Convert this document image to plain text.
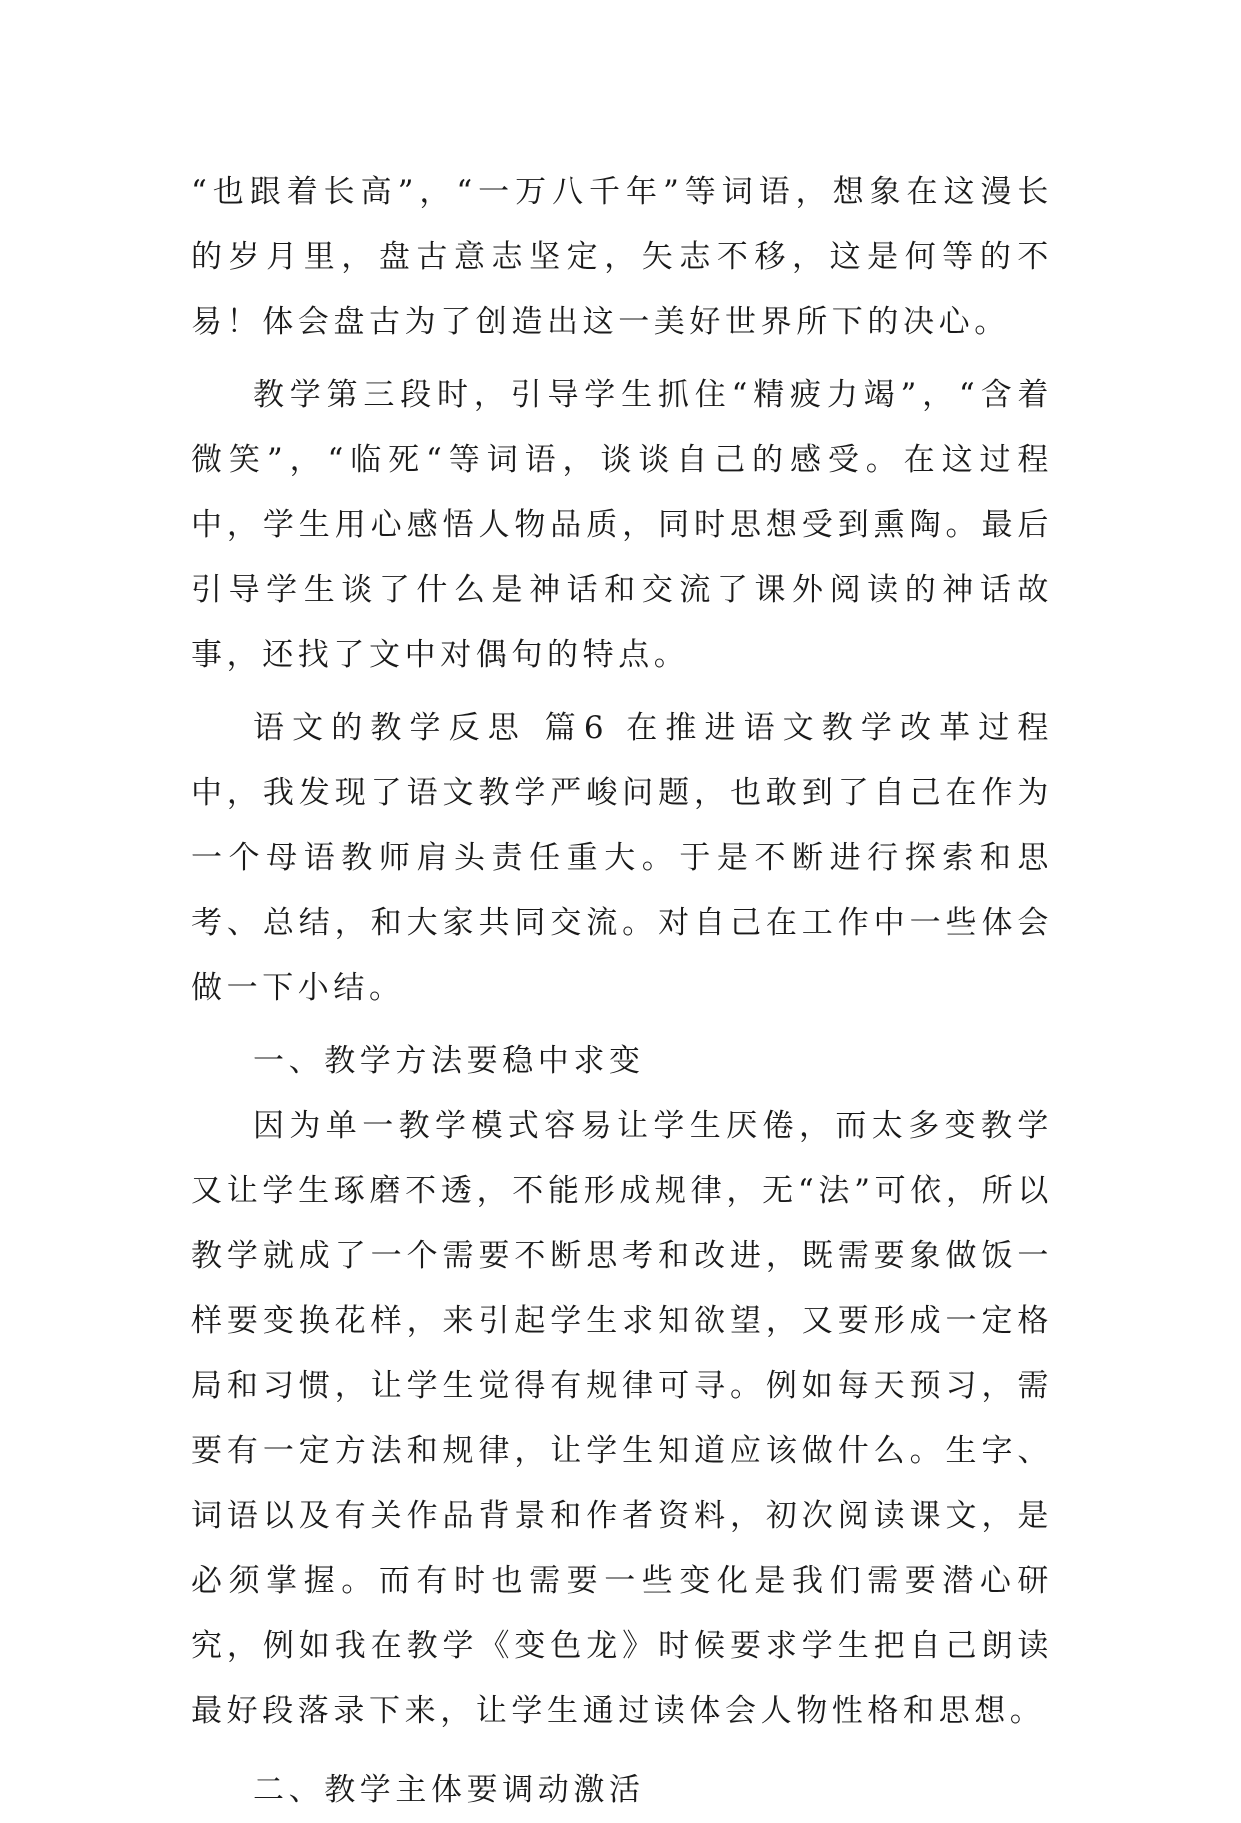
“也跟着长高”，“一万八千年”等词语，想象在这漫长的岁月里，盘古意志坚定，矢志不移，这是何等的不易！体会盘古为了创造出这一美好世界所下的决心。

教学第三段时，引导学生抓住“精疲力竭”，“含着微笑”，“临死“等词语，谈谈自己的感受。在这过程中，学生用心感悟人物品质，同时思想受到熏陶。最后引导学生谈了什么是神话和交流了课外阅读的神话故事，还找了文中对偶句的特点。

语文的教学反思 篇6 在推进语文教学改革过程中，我发现了语文教学严峻问题，也敢到了自己在作为一个母语教师肩头责任重大。于是不断进行探索和思考、总结，和大家共同交流。对自己在工作中一些体会做一下小结。

一、教学方法要稳中求变

因为单一教学模式容易让学生厌倦，而太多变教学又让学生琢磨不透，不能形成规律，无“法”可依，所以教学就成了一个需要不断思考和改进，既需要象做饭一样要变换花样，来引起学生求知欲望，又要形成一定格局和习惯，让学生觉得有规律可寻。例如每天预习，需要有一定方法和规律，让学生知道应该做什么。生字、词语以及有关作品背景和作者资料，初次阅读课文，是必须掌握。而有时也需要一些变化是我们需要潜心研究，例如我在教学《变色龙》时候要求学生把自己朗读最好段落录下来，让学生通过读体会人物性格和思想。

二、教学主体要调动激活
